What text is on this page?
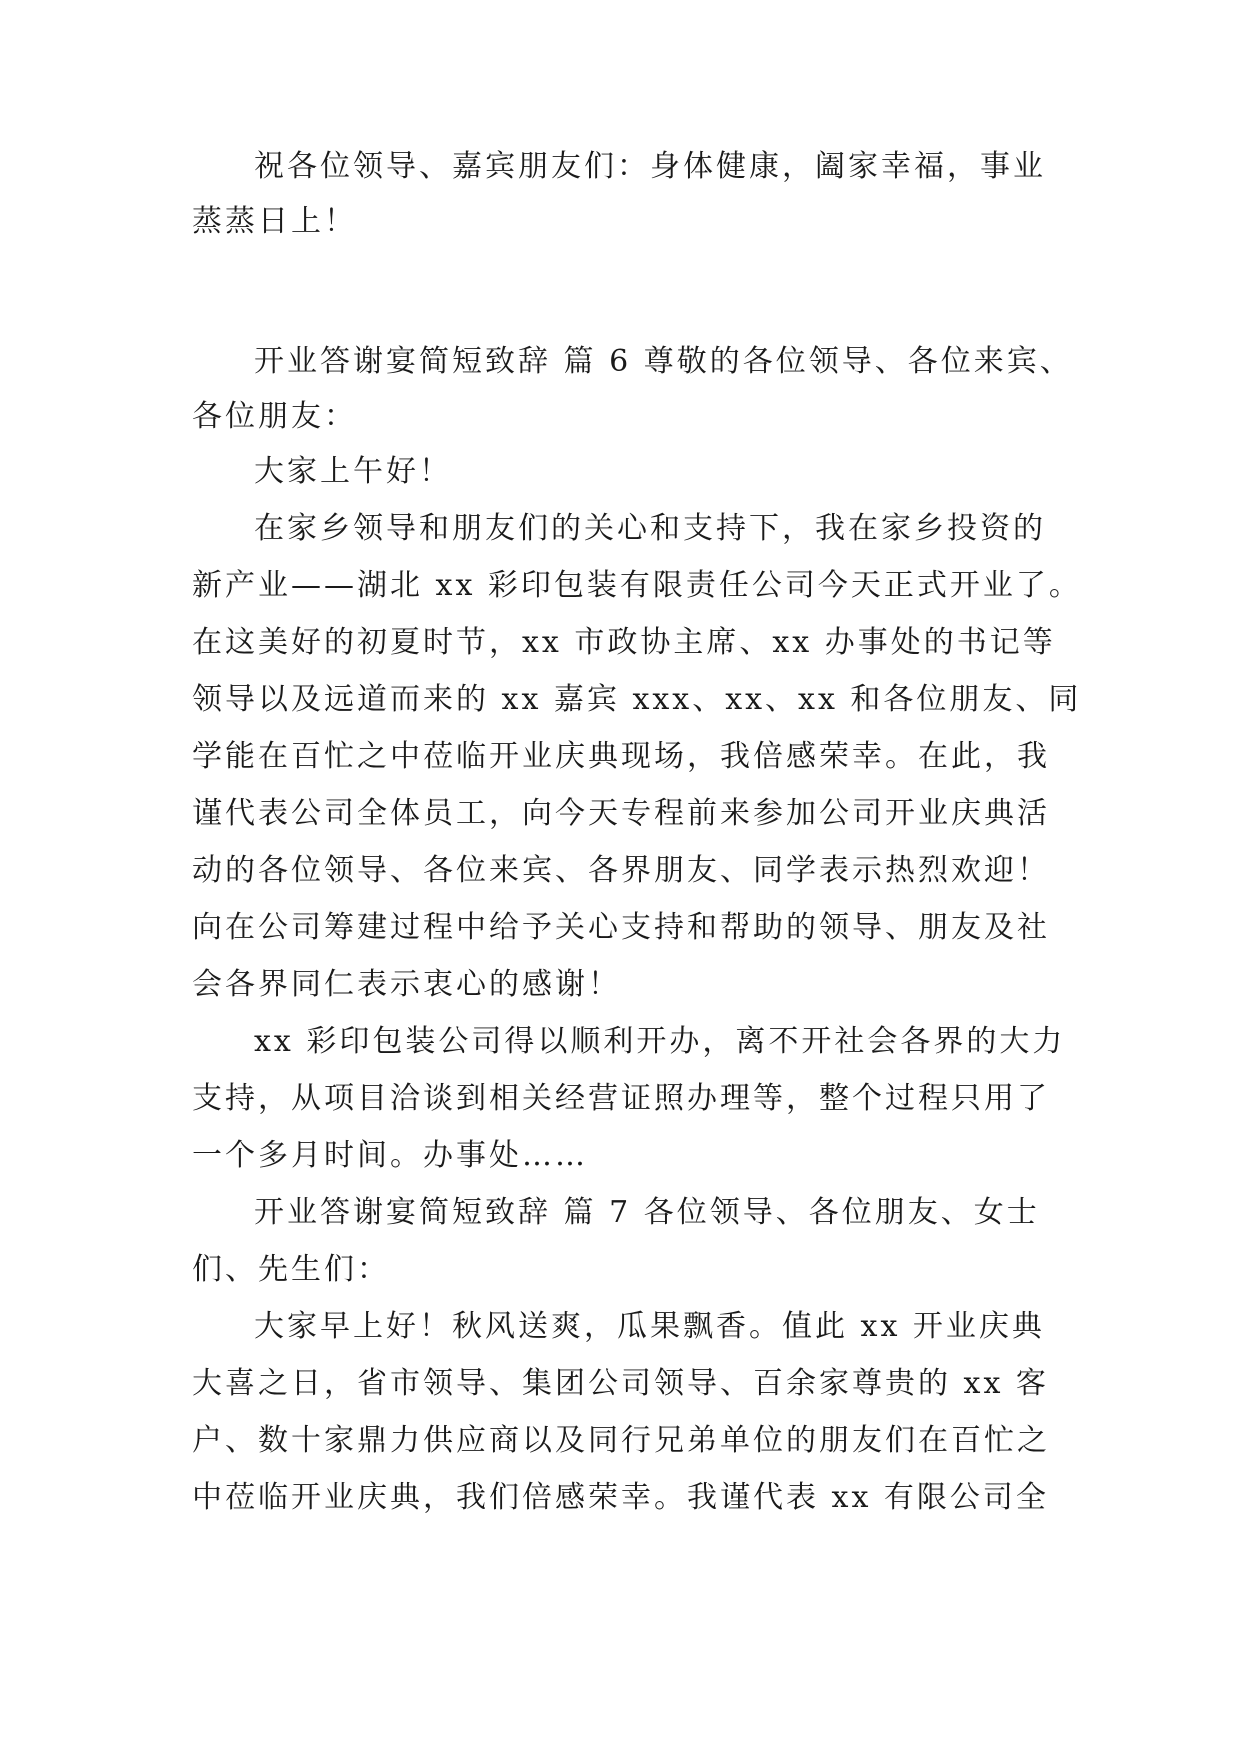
祝各位领导、嘉宾朋友们：身体健康，阖家幸福，事业
蒸蒸日上！
开业答谢宴简短致辞 篇 6 尊敬的各位领导、各位来宾、
各位朋友：
大家上午好！
在家乡领导和朋友们的关心和支持下，我在家乡投资的
新产业——湖北 xx 彩印包装有限责任公司今天正式开业了。
在这美好的初夏时节，xx 市政协主席、xx 办事处的书记等
领导以及远道而来的 xx 嘉宾 xxx、xx、xx 和各位朋友、同
学能在百忙之中莅临开业庆典现场，我倍感荣幸。在此，我
谨代表公司全体员工，向今天专程前来参加公司开业庆典活
动的各位领导、各位来宾、各界朋友、同学表示热烈欢迎！
向在公司筹建过程中给予关心支持和帮助的领导、朋友及社
会各界同仁表示衷心的感谢！
xx 彩印包装公司得以顺利开办，离不开社会各界的大力
支持，从项目洽谈到相关经营证照办理等，整个过程只用了
一个多月时间。办事处……
开业答谢宴简短致辞 篇 7 各位领导、各位朋友、女士
们、先生们：
大家早上好！秋风送爽，瓜果飘香。值此 xx 开业庆典
大喜之日，省市领导、集团公司领导、百余家尊贵的 xx 客
户、数十家鼎力供应商以及同行兄弟单位的朋友们在百忙之
中莅临开业庆典，我们倍感荣幸。我谨代表 xx 有限公司全
